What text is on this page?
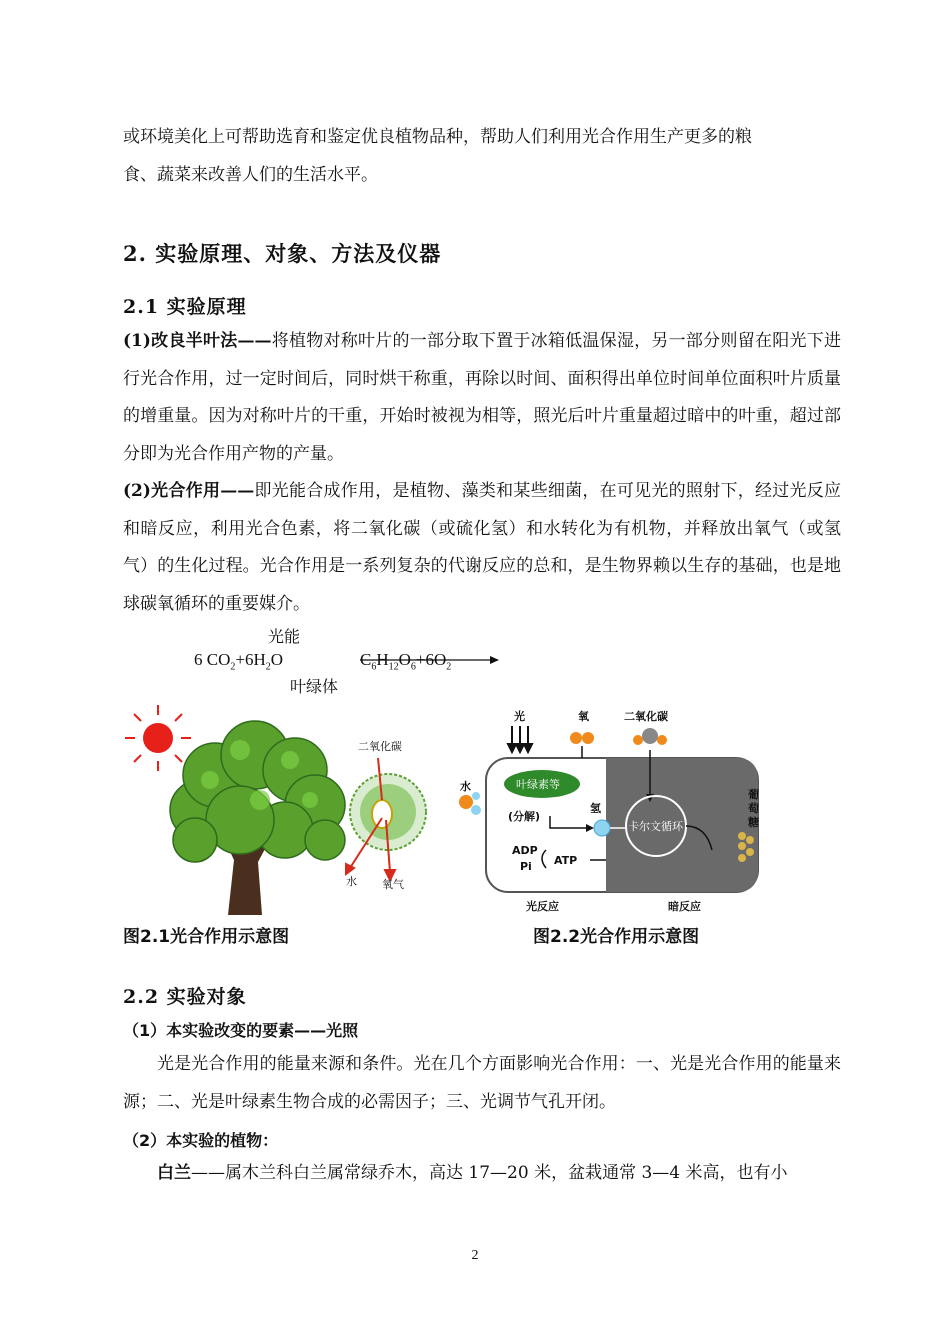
或环境美化上可帮助选育和鉴定优良植物品种，帮助人们利用光合作用生产更多的粮

食、蔬菜来改善人们的生活水平。

2. 实验原理、对象、方法及仪器
2.1 实验原理
(1)改良半叶法——将植物对称叶片的一部分取下置于冰箱低温保湿，另一部分则留在阳光下进行光合作用，过一定时间后，同时烘干称重，再除以时间、面积得出单位时间单位面积叶片质量的增重量。因为对称叶片的干重，开始时被视为相等，照光后叶片重量超过暗中的叶重，超过部分即为光合作用产物的产量。
(2)光合作用——即光能合成作用，是植物、藻类和某些细菌，在可见光的照射下，经过光反应和暗反应，利用光合色素，将二氧化碳（或硫化氢）和水转化为有机物，并释放出氧气（或氢气）的生化过程。光合作用是一系列复杂的代谢反应的总和，是生物界赖以生存的基础，也是地球碳氧循环的重要媒介。
光能
6 $CO_2+6H_2O$	$C_6H_{12}O_6+6O_2$
叶绿体
二氧化碳
水 氧气
光	氧	二氧化碳
水	叶绿素等
(分解)
氢
卡尔文循环
ADP
Pi ATP
葡
萄
糖
光反应	暗反应
图2.1光合作用示意图	图2.2光合作用示意图
2.2 实验对象
（1）本实验改变的要素——光照
光是光合作用的能量来源和条件。光在几个方面影响光合作用：一、光是光合作用的能量来源；二、光是叶绿素生物合成的必需因子；三、光调节气孔开闭。
（2）本实验的植物：
白兰——属木兰科白兰属常绿乔木，高达 17—20 米，盆栽通常 3—4 米高，也有小
2
